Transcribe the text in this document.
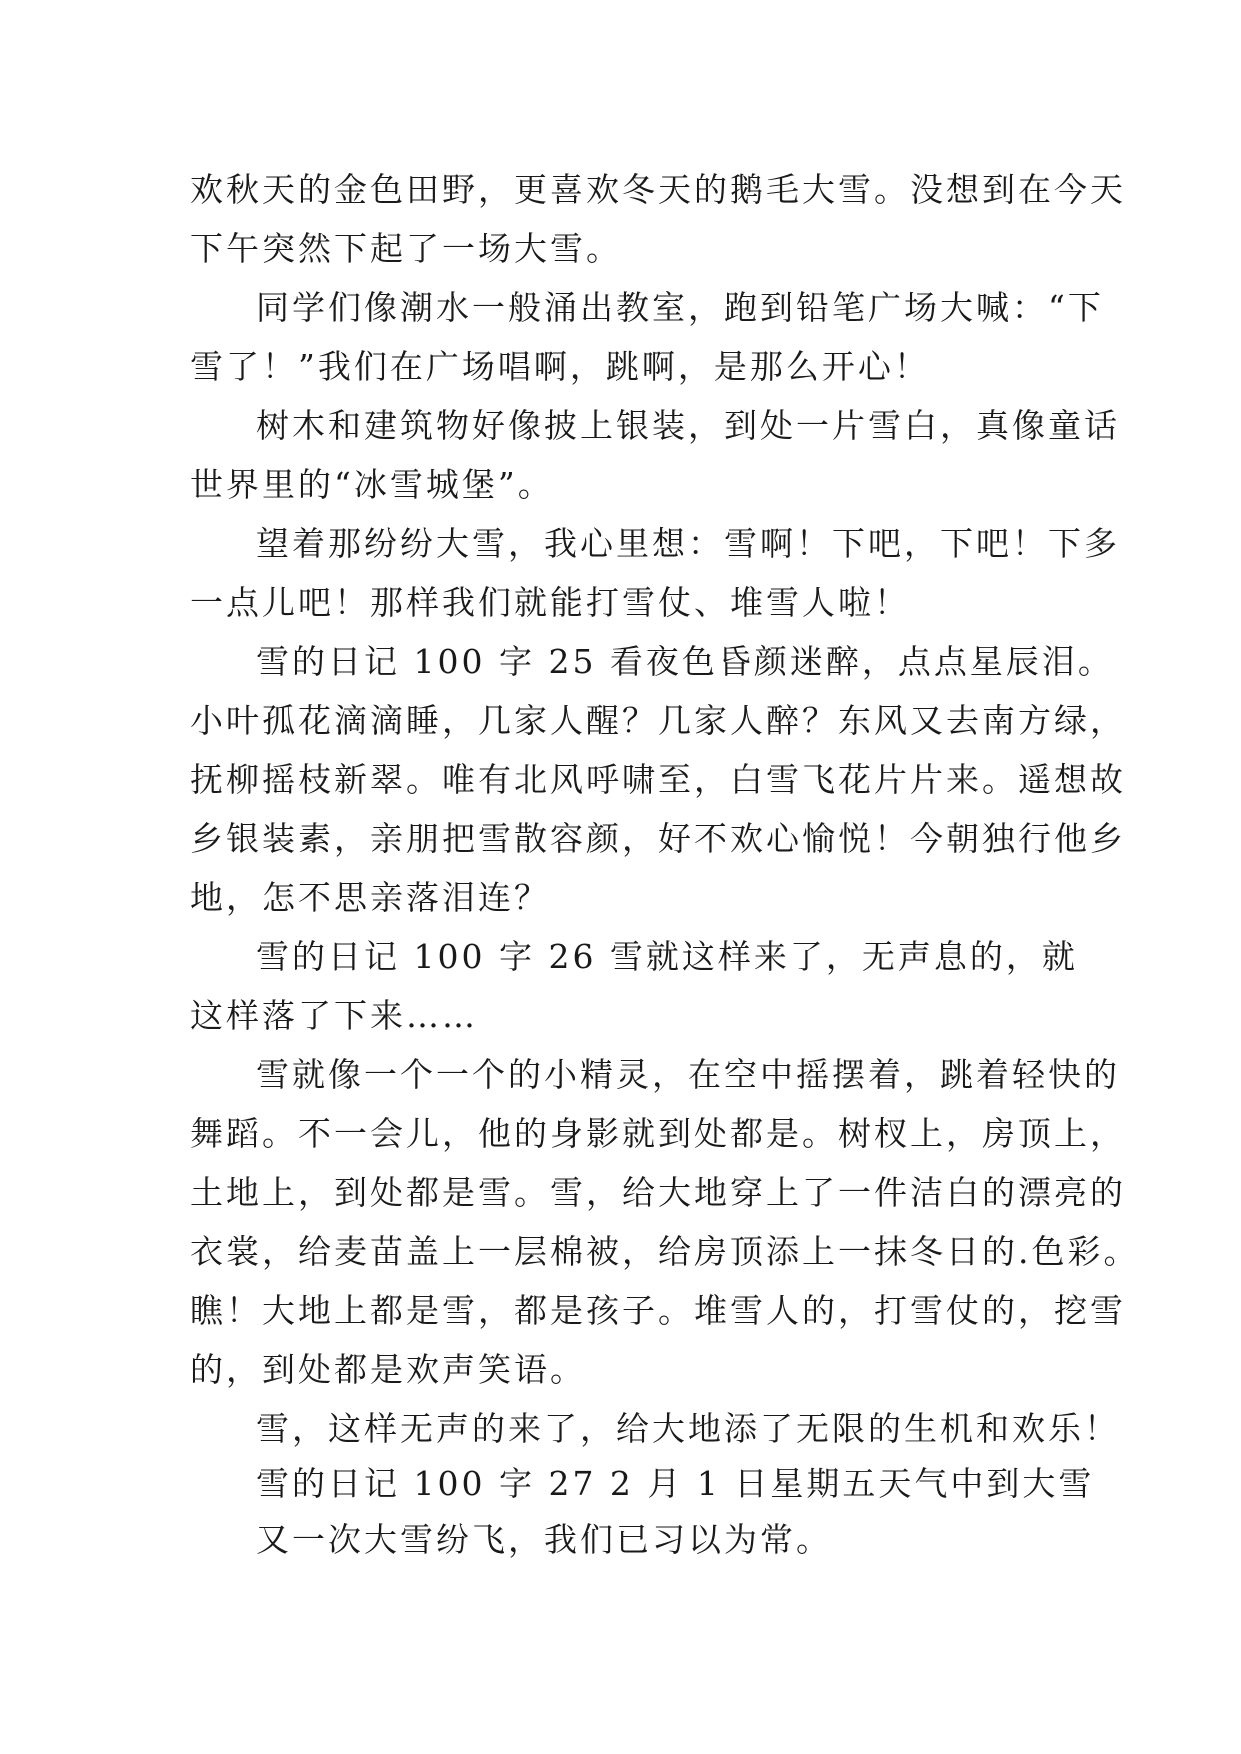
欢秋天的金色田野，更喜欢冬天的鹅毛大雪。没想到在今天
下午突然下起了一场大雪。
同学们像潮水一般涌出教室，跑到铅笔广场大喊：“下
雪了！”我们在广场唱啊，跳啊，是那么开心！
树木和建筑物好像披上银装，到处一片雪白，真像童话
世界里的“冰雪城堡”。
望着那纷纷大雪，我心里想：雪啊！下吧，下吧！下多
一点儿吧！那样我们就能打雪仗、堆雪人啦！
雪的日记 100 字 25 看夜色昏颜迷醉，点点星辰泪。
小叶孤花滴滴睡，几家人醒？几家人醉？东风又去南方绿，
抚柳摇枝新翠。唯有北风呼啸至，白雪飞花片片来。遥想故
乡银装素，亲朋把雪散容颜，好不欢心愉悦！今朝独行他乡
地，怎不思亲落泪连？
雪的日记 100 字 26 雪就这样来了，无声息的，就
这样落了下来……
雪就像一个一个的小精灵，在空中摇摆着，跳着轻快的
舞蹈。不一会儿，他的身影就到处都是。树杈上，房顶上，
土地上，到处都是雪。雪，给大地穿上了一件洁白的漂亮的
衣裳，给麦苗盖上一层棉被，给房顶添上一抹冬日的.色彩。
瞧！大地上都是雪，都是孩子。堆雪人的，打雪仗的，挖雪
的，到处都是欢声笑语。
雪，这样无声的来了，给大地添了无限的生机和欢乐！
雪的日记 100 字 27 2 月 1 日星期五天气中到大雪
又一次大雪纷飞，我们已习以为常。
